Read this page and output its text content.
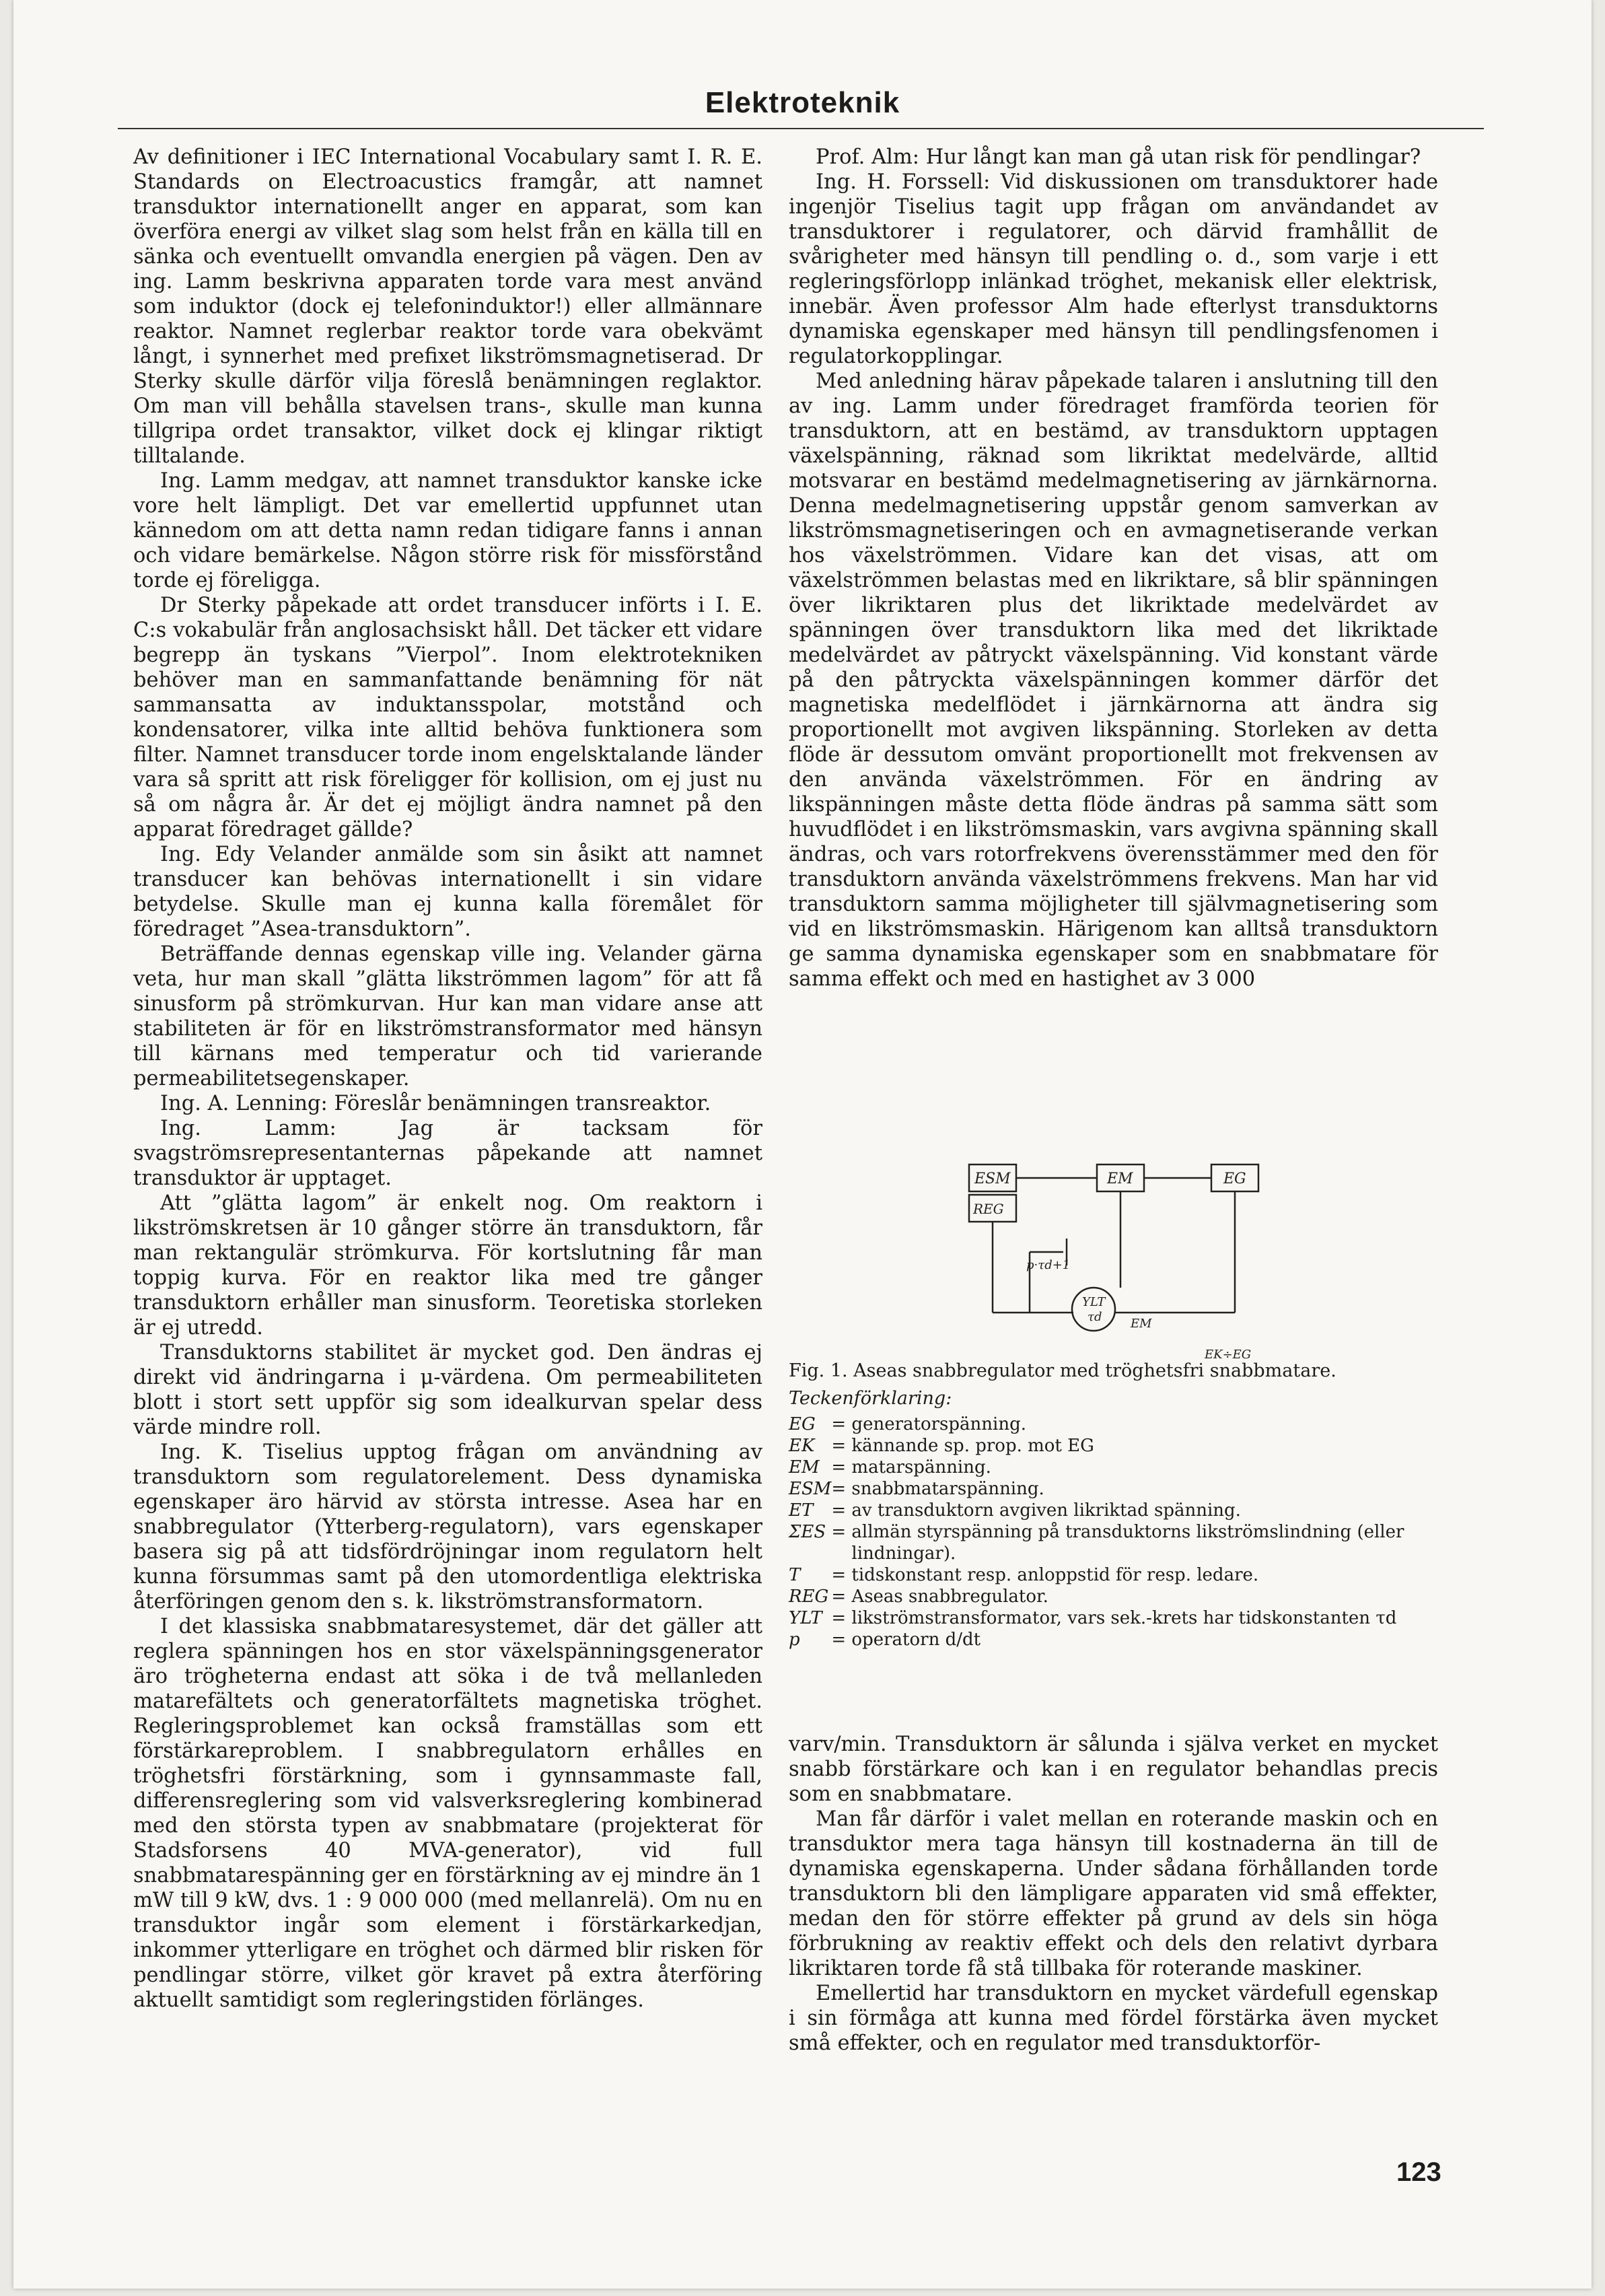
Elektroteknik

Av definitioner i IEC International Vocabulary samt I. R. E. Standards on Electroacustics framgår, att namnet transduktor internationellt anger en apparat, som kan överföra energi av vilket slag som helst från en källa till en sänka och eventuellt omvandla energien på vägen. Den av ing. Lamm beskrivna apparaten torde vara mest använd som induktor (dock ej telefoninduktor!) eller allmännare reaktor. Namnet reglerbar reaktor torde vara obekvämt långt, i synnerhet med prefixet likströmsmagnetiserad. Dr Sterky skulle därför vilja föreslå benämningen reglaktor. Om man vill behålla stavelsen trans-, skulle man kunna tillgripa ordet transaktor, vilket dock ej klingar riktigt tilltalande.

Ing. Lamm medgav, att namnet transduktor kanske icke vore helt lämpligt. Det var emellertid uppfunnet utan kännedom om att detta namn redan tidigare fanns i annan och vidare bemärkelse. Någon större risk för missförstånd torde ej föreligga.

Dr Sterky påpekade att ordet transducer införts i I. E. C:s vokabulär från anglosachsiskt håll. Det täcker ett vidare begrepp än tyskans ”Vierpol”. Inom elektrotekniken behöver man en sammanfattande benämning för nät sammansatta av induktansspolar, motstånd och kondensatorer, vilka inte alltid behöva funktionera som filter. Namnet transducer torde inom engelsktalande länder vara så spritt att risk föreligger för kollision, om ej just nu så om några år. Är det ej möjligt ändra namnet på den apparat föredraget gällde?

Ing. Edy Velander anmälde som sin åsikt att namnet transducer kan behövas internationellt i sin vidare betydelse. Skulle man ej kunna kalla föremålet för föredraget ”Asea-transduktorn”.

Beträffande dennas egenskap ville ing. Velander gärna veta, hur man skall ”glätta likströmmen lagom” för att få sinusform på strömkurvan. Hur kan man vidare anse att stabiliteten är för en likströmstransformator med hänsyn till kärnans med temperatur och tid varierande permeabilitetsegenskaper.

Ing. A. Lenning: Föreslår benämningen transreaktor.

Ing. Lamm: Jag är tacksam för svagströmsrepresentanternas påpekande att namnet transduktor är upptaget.

Att ”glätta lagom” är enkelt nog. Om reaktorn i likströmskretsen är 10 gånger större än transduktorn, får man rektangulär strömkurva. För kortslutning får man toppig kurva. För en reaktor lika med tre gånger transduktorn erhåller man sinusform. Teoretiska storleken är ej utredd.

Transduktorns stabilitet är mycket god. Den ändras ej direkt vid ändringarna i μ-värdena. Om permeabiliteten blott i stort sett uppför sig som idealkurvan spelar dess värde mindre roll.

Ing. K. Tiselius upptog frågan om användning av transduktorn som regulatorelement. Dess dynamiska egenskaper äro härvid av största intresse. Asea har en snabbregulator (Ytterberg-regulatorn), vars egenskaper basera sig på att tidsfördröjningar inom regulatorn helt kunna försummas samt på den utomordentliga elektriska återföringen genom den s. k. likströmstransformatorn.

I det klassiska snabbmataresystemet, där det gäller att reglera spänningen hos en stor växelspänningsgenerator äro trögheterna endast att söka i de två mellanleden matarefältets och generatorfältets magnetiska tröghet. Regleringsproblemet kan också framställas som ett förstärkareproblem. I snabbregulatorn erhålles en tröghetsfri förstärkning, som i gynnsammaste fall, differensreglering som vid valsverksreglering kombinerad med den största typen av snabbmatare (projekterat för Stadsforsens 40 MVA-generator), vid full snabbmatarespänning ger en förstärkning av ej mindre än 1 mW till 9 kW, dvs. 1 : 9 000 000 (med mellanrelä). Om nu en transduktor ingår som element i förstärkarkedjan, inkommer ytterligare en tröghet och därmed blir risken för pendlingar större, vilket gör kravet på extra återföring aktuellt samtidigt som regleringstiden förlänges.

Prof. Alm: Hur långt kan man gå utan risk för pendlingar?

Ing. H. Forssell: Vid diskussionen om transduktorer hade ingenjör Tiselius tagit upp frågan om användandet av transduktorer i regulatorer, och därvid framhållit de svårigheter med hänsyn till pendling o. d., som varje i ett regleringsförlopp inlänkad tröghet, mekanisk eller elektrisk, innebär. Även professor Alm hade efterlyst transduktorns dynamiska egenskaper med hänsyn till pendlingsfenomen i regulatorkopplingar.

Med anledning härav påpekade talaren i anslutning till den av ing. Lamm under föredraget framförda teorien för transduktorn, att en bestämd, av transduktorn upptagen växelspänning, räknad som likriktat medelvärde, alltid motsvarar en bestämd medelmagnetisering av järnkärnorna. Denna medelmagnetisering uppstår genom samverkan av likströmsmagnetiseringen och en avmagnetiserande verkan hos växelströmmen. Vidare kan det visas, att om växelströmmen belastas med en likriktare, så blir spänningen över likriktaren plus det likriktade medelvärdet av spänningen över transduktorn lika med det likriktade medelvärdet av påtryckt växelspänning. Vid konstant värde på den påtryckta växelspänningen kommer därför det magnetiska medelflödet i järnkärnorna att ändra sig proportionellt mot avgiven likspänning. Storleken av detta flöde är dessutom omvänt proportionellt mot frekvensen av den använda växelströmmen. För en ändring av likspänningen måste detta flöde ändras på samma sätt som huvudflödet i en likströmsmaskin, vars avgivna spänning skall ändras, och vars rotorfrekvens överensstämmer med den för transduktorn använda växelströmmens frekvens. Man har vid transduktorn samma möjligheter till självmagnetisering som vid en likströmsmaskin. Härigenom kan alltså transduktorn ge samma dynamiska egenskaper som en snabbmatare för samma effekt och med en hastighet av 3 000

ESM	EM	EG
REG
p·τd+1
YLT
τd EM
EK÷EG

Fig. 1. Aseas snabbregulator med tröghetsfri snabbmatare.

Teckenförklaring:

EG	=	generatorspänning.
EK	=	kännande sp. prop. mot EG
EM	=	matarspänning.
ESM	=	snabbmatarspänning.
ET	=	av transduktorn avgiven likriktad spänning.
ΣES	=	allmän styrspänning på transduktorns likströmslindning (eller lindningar).
T	=	tidskonstant resp. anloppstid för resp. ledare.
REG	=	Aseas snabbregulator.
YLT	=	likströmstransformator, vars sek.-krets har tidskonstanten τd
p	=	operatorn d/dt

varv/min. Transduktorn är sålunda i själva verket en mycket snabb förstärkare och kan i en regulator behandlas precis som en snabbmatare.

Man får därför i valet mellan en roterande maskin och en transduktor mera taga hänsyn till kostnaderna än till de dynamiska egenskaperna. Under sådana förhållanden torde transduktorn bli den lämpligare apparaten vid små effekter, medan den för större effekter på grund av dels sin höga förbrukning av reaktiv effekt och dels den relativt dyrbara likriktaren torde få stå tillbaka för roterande maskiner.

Emellertid har transduktorn en mycket värdefull egenskap i sin förmåga att kunna med fördel förstärka även mycket små effekter, och en regulator med transduktorför-

123
